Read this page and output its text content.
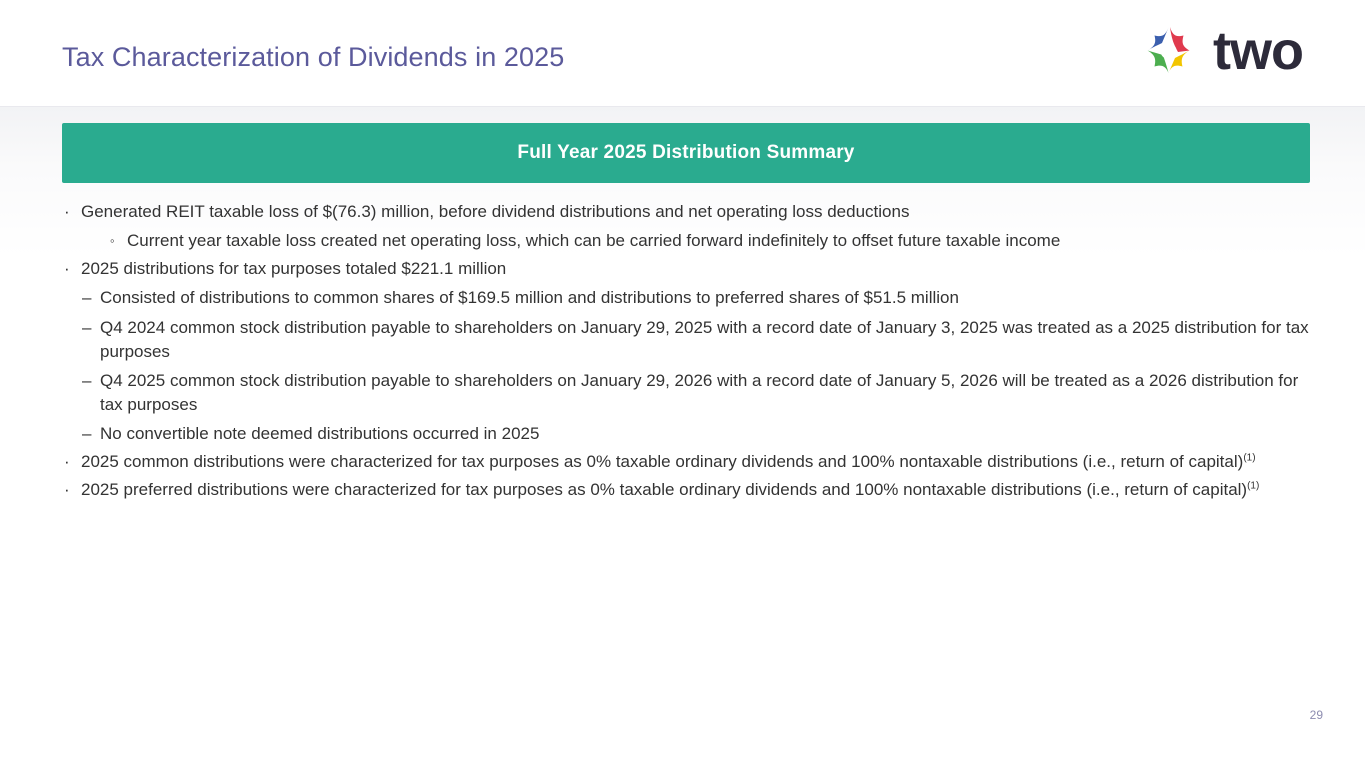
Tax Characterization of Dividends in 2025	two
Full Year 2025 Distribution Summary
· Generated REIT taxable loss of $(76.3) million, before dividend distributions and net operating loss deductions
◦ Current year taxable loss created net operating loss, which can be carried forward indefinitely to offset future taxable income
· 2025 distributions for tax purposes totaled $221.1 million
– Consisted of distributions to common shares of $169.5 million and distributions to preferred shares of $51.5 million
– Q4 2024 common stock distribution payable to shareholders on January 29, 2025 with a record date of January 3, 2025 was treated as a 2025 distribution for tax purposes
– Q4 2025 common stock distribution payable to shareholders on January 29, 2026 with a record date of January 5, 2026 will be treated as a 2026 distribution for tax purposes
– No convertible note deemed distributions occurred in 2025
· 2025 common distributions were characterized for tax purposes as 0% taxable ordinary dividends and 100% nontaxable distributions (i.e., return of capital)$^{(1)}$
· 2025 preferred distributions were characterized for tax purposes as 0% taxable ordinary dividends and 100% nontaxable distributions (i.e., return of capital)$^{(1)}$
29
